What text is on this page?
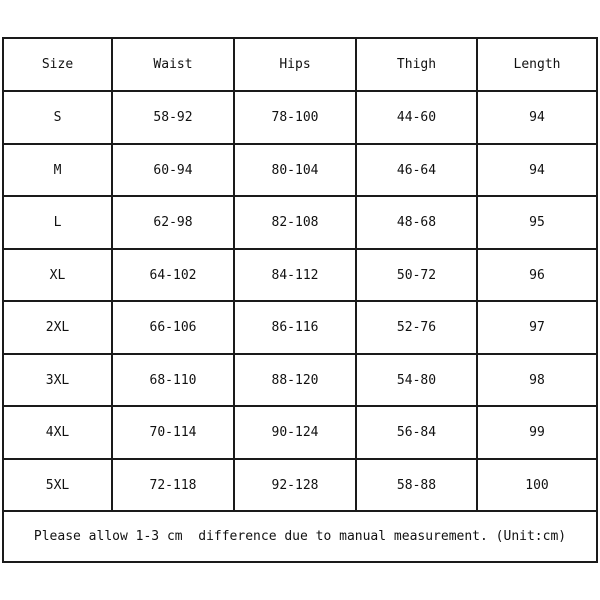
Size	Waist	Hips	Thigh	Length
S	58-92	78-100	44-60	94
M	60-94	80-104	46-64	94
L	62-98	82-108	48-68	95
XL	64-102	84-112	50-72	96
2XL	66-106	86-116	52-76	97
3XL	68-110	88-120	54-80	98
4XL	70-114	90-124	56-84	99
5XL	72-118	92-128	58-88	100
Please allow 1-3 cm  difference due to manual measurement. (Unit:cm)
